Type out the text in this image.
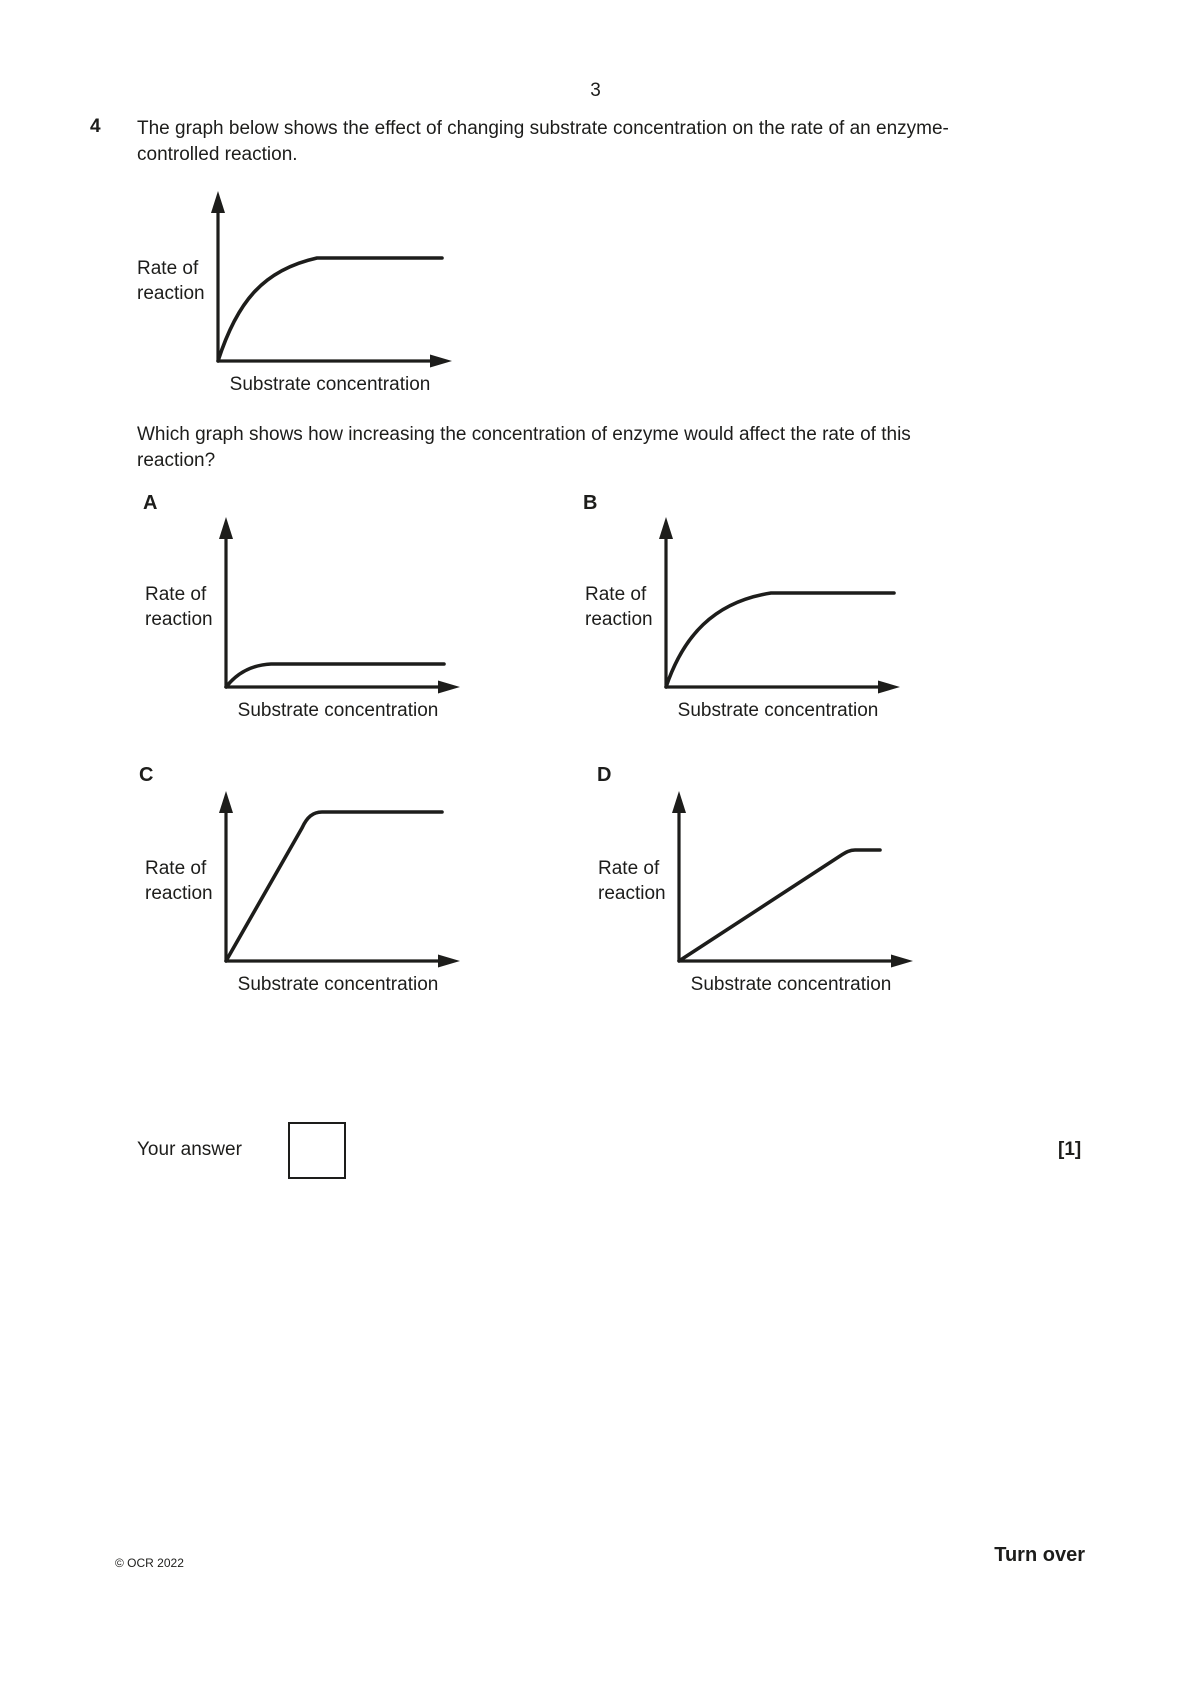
3
4 The graph below shows the effect of changing substrate concentration on the rate of an enzyme-
controlled reaction.
Rate of
reaction
Substrate concentration
Which graph shows how increasing the concentration of enzyme would affect the rate of this
reaction?
A	B
C	D
Rate of
reaction
Substrate concentration
Rate of
reaction
Substrate concentration
Rate of
reaction
Substrate concentration
Rate of
reaction
Substrate concentration
Your answer	[1]
© OCR 2022	Turn over
